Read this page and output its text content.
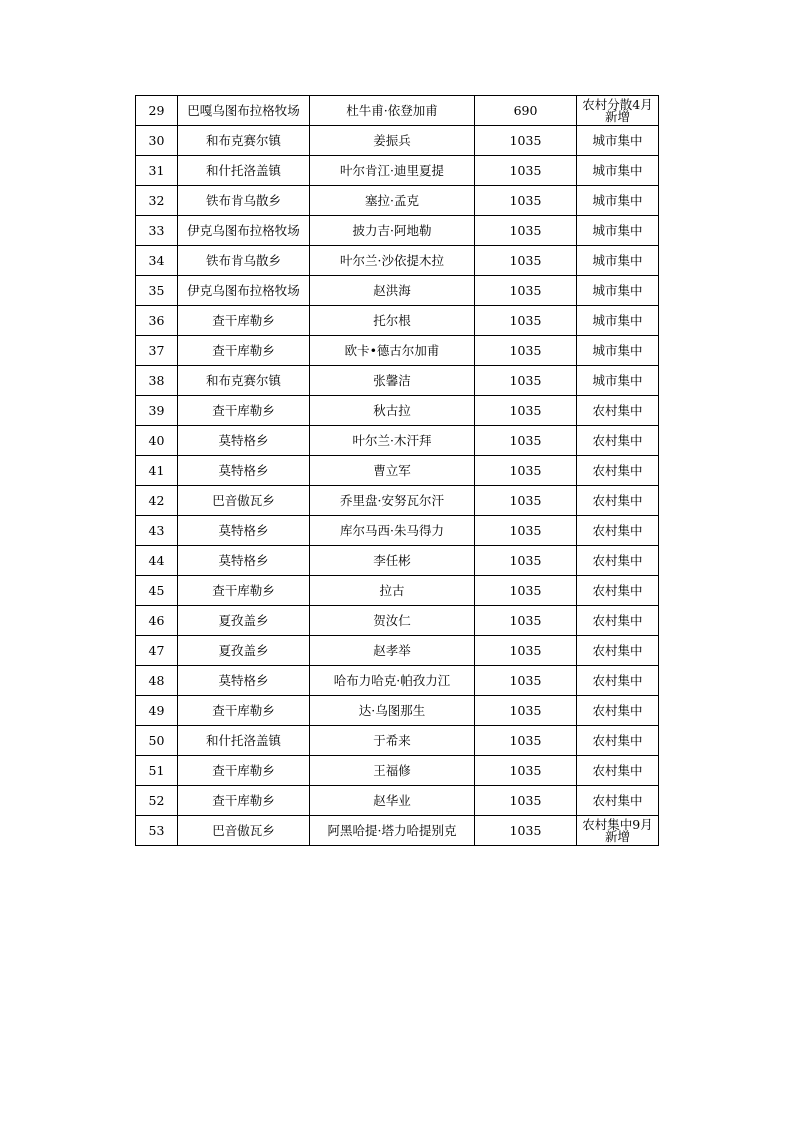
29	巴嘎乌图布拉格牧场	杜牛甫·依登加甫	690	农村分散4月新增
30	和布克赛尔镇	姜振兵	1035	城市集中
31	和什托洛盖镇	叶尔肯江·迪里夏提	1035	城市集中
32	铁布肯乌散乡	塞拉·孟克	1035	城市集中
33	伊克乌图布拉格牧场	披力吉·阿地勒	1035	城市集中
34	铁布肯乌散乡	叶尔兰·沙依提木拉	1035	城市集中
35	伊克乌图布拉格牧场	赵洪海	1035	城市集中
36	查干库勒乡	托尔根	1035	城市集中
37	查干库勒乡	欧卡•德古尔加甫	1035	城市集中
38	和布克赛尔镇	张馨洁	1035	城市集中
39	查干库勒乡	秋古拉	1035	农村集中
40	莫特格乡	叶尔兰·木汗拜	1035	农村集中
41	莫特格乡	曹立军	1035	农村集中
42	巴音傲瓦乡	乔里盘·安努瓦尔汗	1035	农村集中
43	莫特格乡	库尔马西·朱马得力	1035	农村集中
44	莫特格乡	李任彬	1035	农村集中
45	查干库勒乡	拉古	1035	农村集中
46	夏孜盖乡	贺汝仁	1035	农村集中
47	夏孜盖乡	赵孝举	1035	农村集中
48	莫特格乡	哈布力哈克·帕孜力江	1035	农村集中
49	查干库勒乡	达·乌图那生	1035	农村集中
50	和什托洛盖镇	于希来	1035	农村集中
51	查干库勒乡	王福修	1035	农村集中
52	查干库勒乡	赵华业	1035	农村集中
53	巴音傲瓦乡	阿黑哈提·塔力哈提别克	1035	农村集中9月新增
